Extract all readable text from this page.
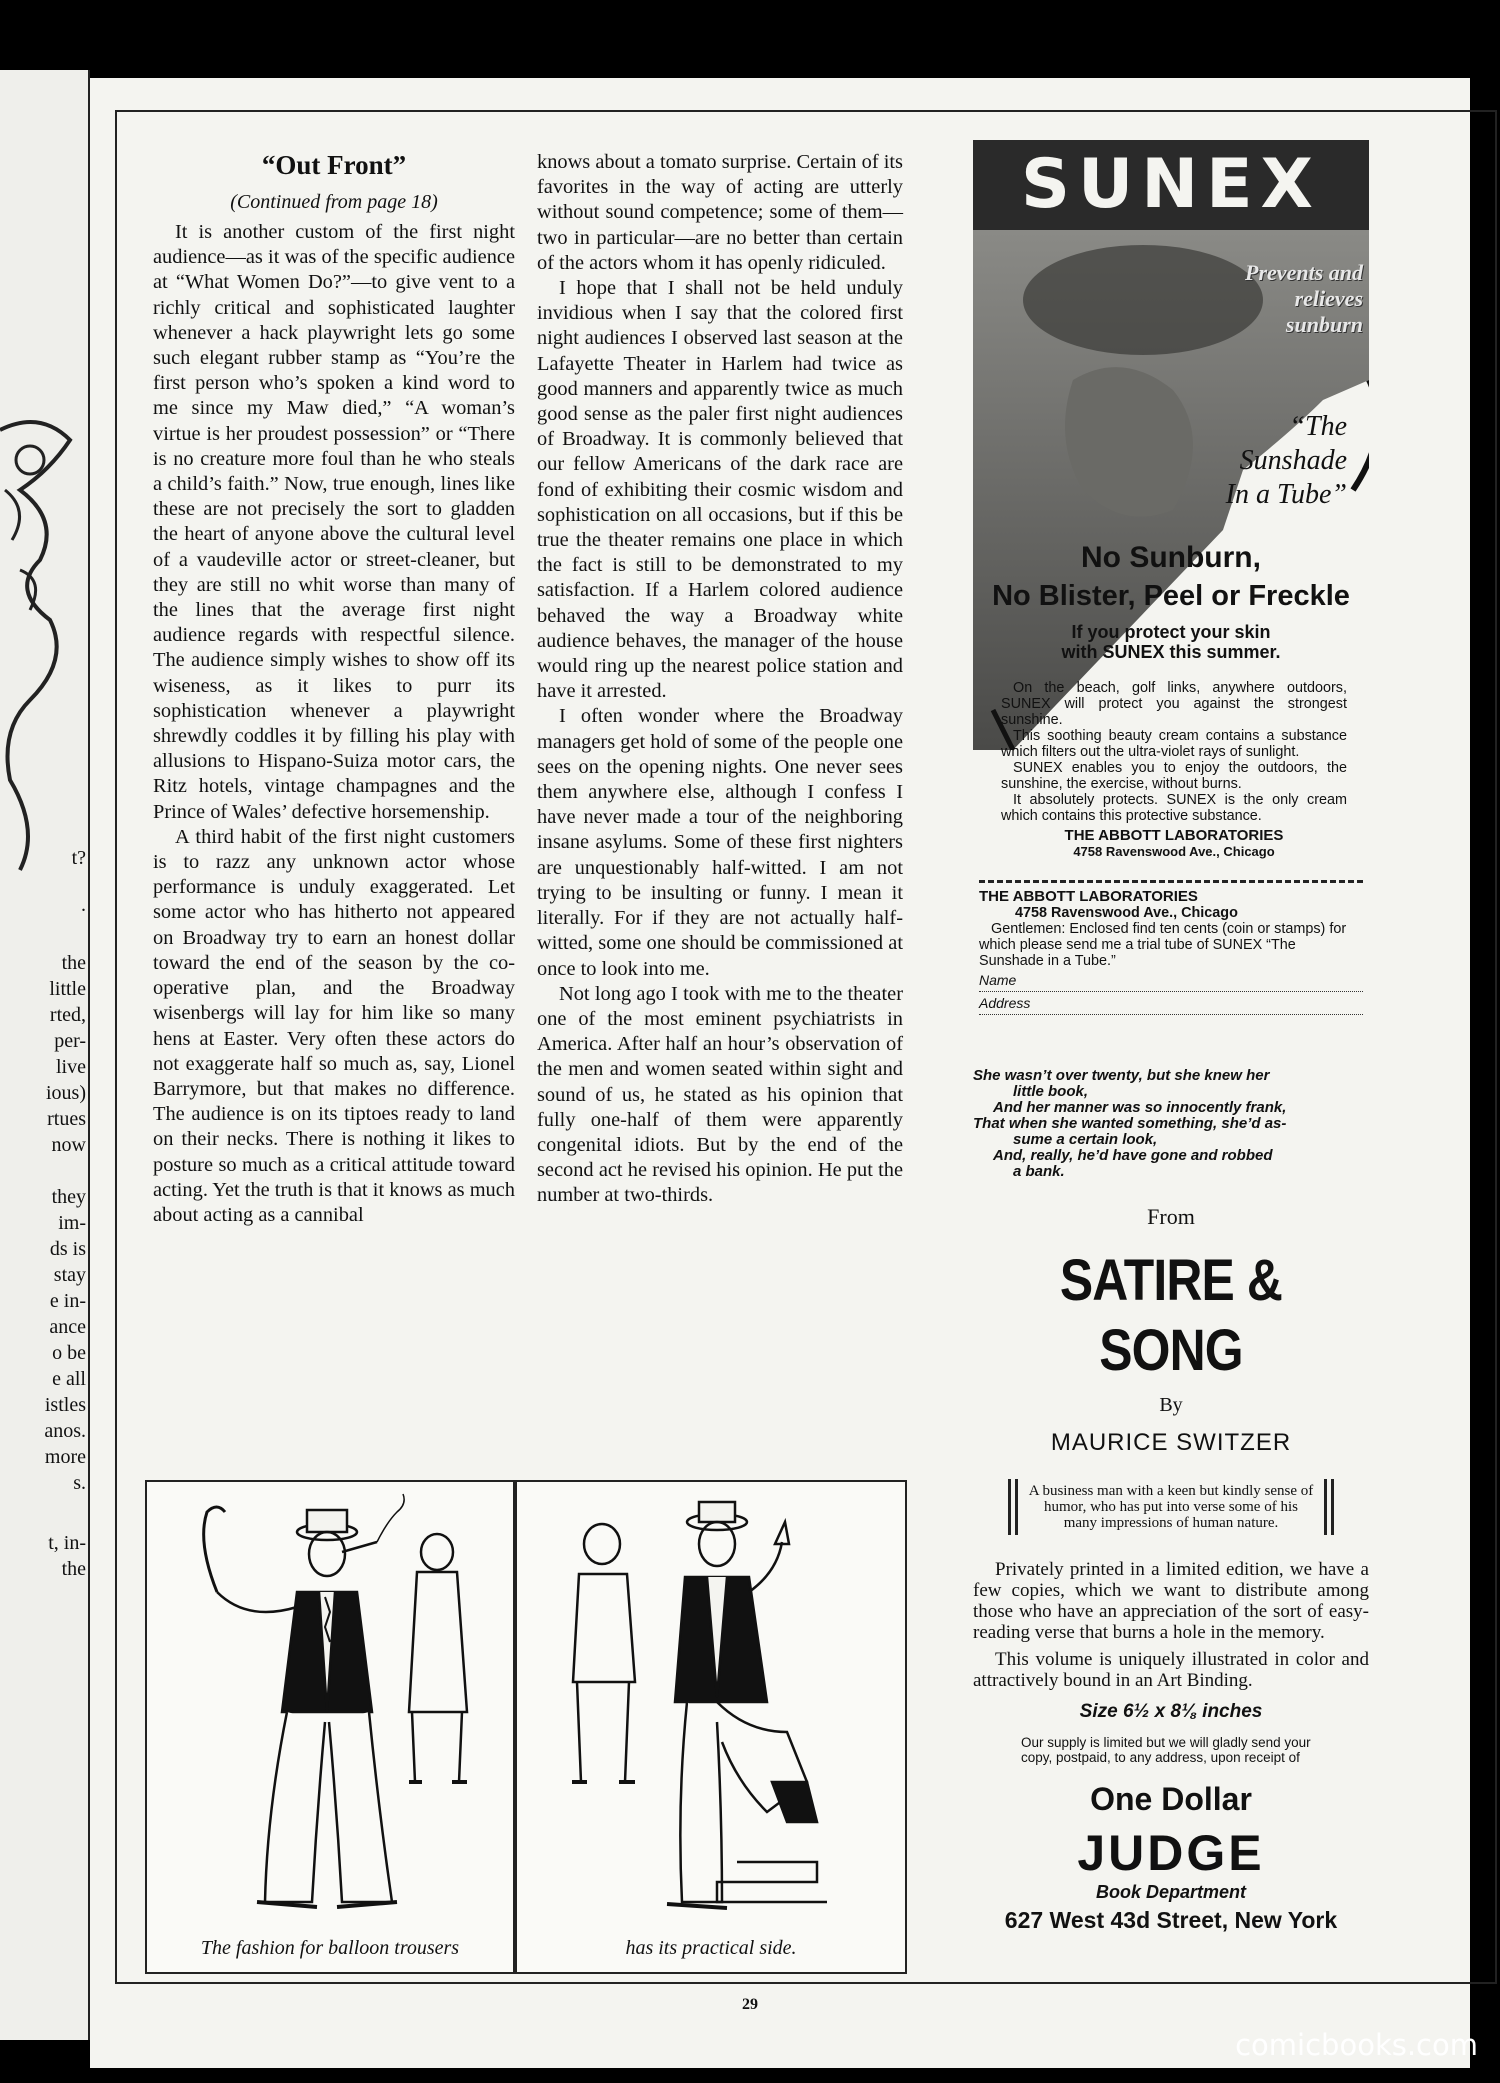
t?
.
the
little
rted,
per-
live
ious)
rtues
now
they
im-
ds is
stay
e in-
ance
o be
e all
istles
anos.
more
s.
t, in-
the
“Out Front”
(Continued from page 18)

It is another custom of the first night audience—as it was of the specific audience at “What Women Do?”—to give vent to a richly critical and sophisticated laughter whenever a hack playwright lets go some such elegant rubber stamp as “You’re the first person who’s spoken a kind word to me since my Maw died,” “A woman’s virtue is her proudest possession” or “There is no creature more foul than he who steals a child’s faith.” Now, true enough, lines like these are not precisely the sort to gladden the heart of anyone above the cultural level of a vaudeville actor or street-cleaner, but they are still no whit worse than many of the lines that the average first night audience regards with respectful silence. The audience simply wishes to show off its wiseness, as it likes to purr its sophistication whenever a playwright shrewdly coddles it by filling his play with allusions to Hispano-Suiza motor cars, the Ritz hotels, vintage champagnes and the Prince of Wales’ defective horsemenship.

A third habit of the first night customers is to razz any unknown actor whose performance is unduly exaggerated. Let some actor who has hitherto not appeared on Broadway try to earn an honest dollar toward the end of the season by the co-operative plan, and the Broadway wisenbergs will lay for him like so many hens at Easter. Very often these actors do not exaggerate half so much as, say, Lionel Barrymore, but that makes no difference. The audience is on its tiptoes ready to land on their necks. There is nothing it likes to posture so much as a critical attitude toward acting. Yet the truth is that it knows as much about acting as a cannibal

knows about a tomato surprise. Certain of its favorites in the way of acting are utterly without sound competence; some of them—two in particular—are no better than certain of the actors whom it has openly ridiculed.

I hope that I shall not be held unduly invidious when I say that the colored first night audiences I observed last season at the Lafayette Theater in Harlem had twice as good manners and apparently twice as much good sense as the paler first night audiences of Broadway. It is commonly believed that our fellow Americans of the dark race are fond of exhibiting their cosmic wisdom and sophistication on all occasions, but if this be true the theater remains one place in which the fact is still to be demonstrated to my satisfaction. If a Harlem colored audience behaved the way a Broadway white audience behaves, the manager of the house would ring up the nearest police station and have it arrested.

I often wonder where the Broadway managers get hold of some of the people one sees on the opening nights. One never sees them anywhere else, although I confess I have never made a tour of the neighboring insane asylums. Some of these first nighters are unquestionably half-witted. I am not trying to be insulting or funny. I mean it literally. For if they are not actually half-witted, some one should be commissioned at once to look into me.

Not long ago I took with me to the theater one of the most eminent psychiatrists in America. After half an hour’s observation of the men and women seated within sight and sound of us, he stated as his opinion that fully one-half of them were apparently congenital idiots. But by the end of the second act he revised his opinion. He put the number at two-thirds.

The fashion for balloon trousers	has its practical side.
SUNEX
Prevents and
relieves
sunburn
“The
Sunshade
In a Tube”
No Sunburn,
No Blister, Peel or Freckle
If you protect your skin
with SUNEX this summer.

On the beach, golf links, anywhere outdoors, SUNEX will protect you against the strongest sunshine.

This soothing beauty cream contains a substance which filters out the ultra-violet rays of sunlight.

SUNEX enables you to enjoy the outdoors, the sunshine, the exercise, without burns.

It absolutely protects. SUNEX is the only cream which contains this protective substance.

THE ABBOTT LABORATORIES
4758 Ravenswood Ave., Chicago
THE ABBOTT LABORATORIES
4758 Ravenswood Ave., Chicago
Gentlemen: Enclosed find ten cents (coin or stamps) for which please send me a trial tube of SUNEX “The Sunshade in a Tube.”
Name
Address
She wasn’t over twenty, but she knew her
little book,
And her manner was so innocently frank,
That when she wanted something, she’d as-
sume a certain look,
And, really, he’d have gone and robbed
a bank.
From
SATIRE & SONG
By
MAURICE SWITZER
A business man with a keen but kindly sense of humor, who has put into verse some of his many impressions of human nature.

Privately printed in a limited edition, we have a few copies, which we want to distribute among those who have an appreciation of the sort of easy-reading verse that burns a hole in the memory.

This volume is uniquely illustrated in color and attractively bound in an Art Binding.

Size 6½ x 8⅛ inches
Our supply is limited but we will gladly send your copy, postpaid, to any address, upon receipt of
One Dollar
JUDGE
Book Department
627 West 43d Street, New York
29
comicbooks.com
